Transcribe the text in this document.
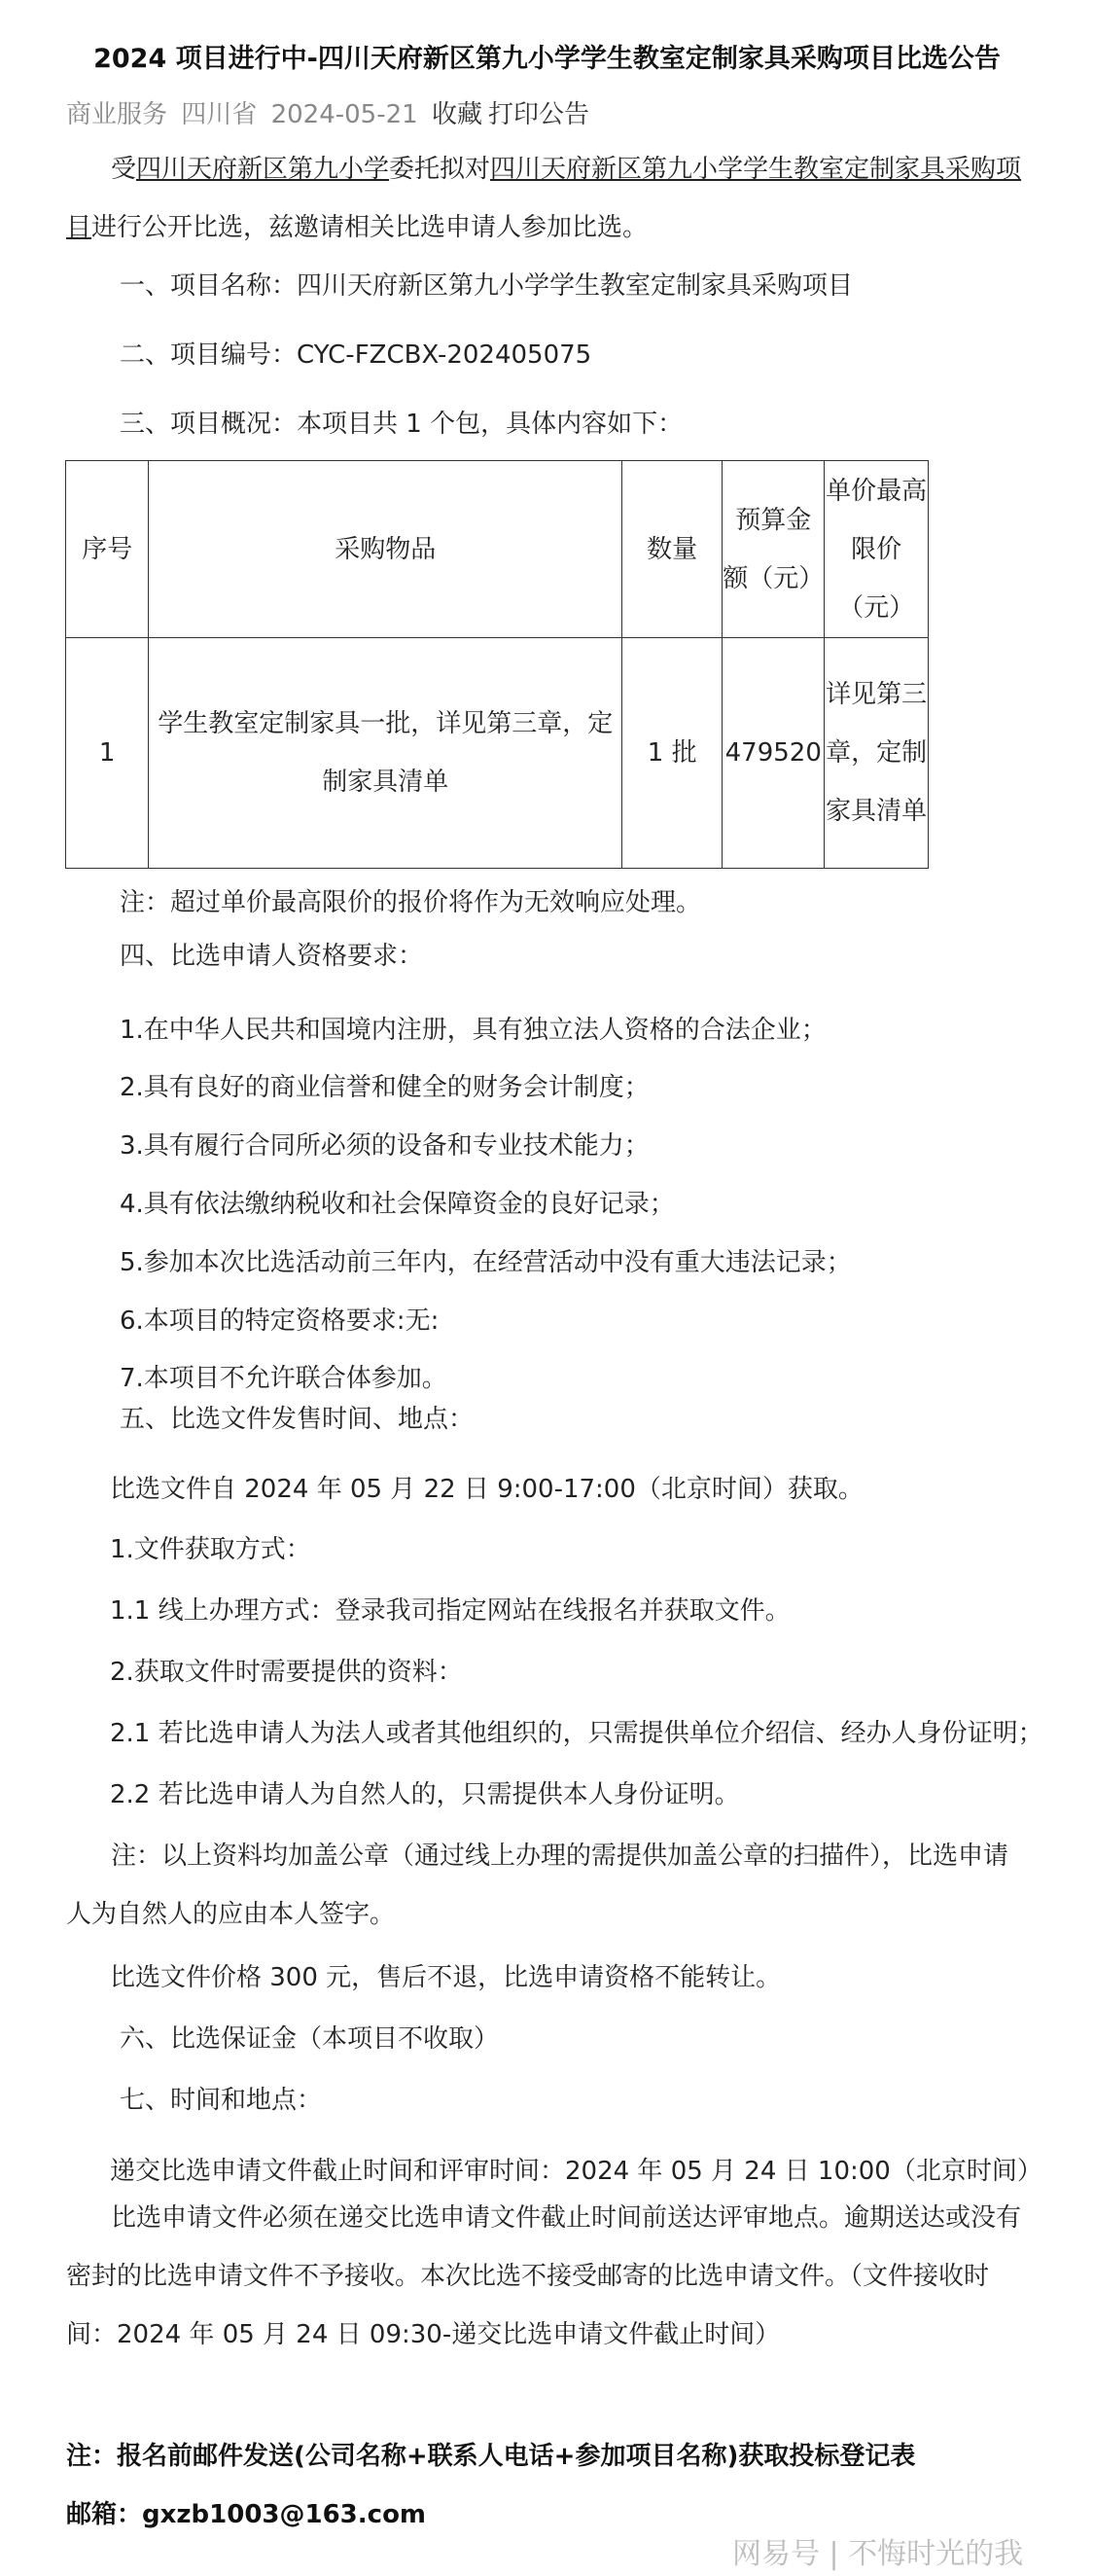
2024 项目进行中-四川天府新区第九小学学生教室定制家具采购项目比选公告
商业服务 四川省 2024-05-21 收藏 打印公告

受四川天府新区第九小学委托拟对四川天府新区第九小学学生教室定制家具采购项目进行公开比选，兹邀请相关比选申请人参加比选。

一、项目名称：四川天府新区第九小学学生教室定制家具采购项目

二、项目编号：CYC-FZCBX-202405075

三、项目概况：本项目共 1 个包，具体内容如下：

序号	采购物品	数量	预算金额（元）	单价最高限价（元）
1	学生教室定制家具一批，详见第三章，定制家具清单	1 批	479520	详见第三章，定制家具清单

注：超过单价最高限价的报价将作为无效响应处理。

四、比选申请人资格要求：

1.在中华人民共和国境内注册，具有独立法人资格的合法企业；

2.具有良好的商业信誉和健全的财务会计制度；

3.具有履行合同所必须的设备和专业技术能力；

4.具有依法缴纳税收和社会保障资金的良好记录；

5.参加本次比选活动前三年内，在经营活动中没有重大违法记录；

6.本项目的特定资格要求:无:

7.本项目不允许联合体参加。

五、比选文件发售时间、地点：

比选文件自 2024 年 05 月 22 日 9:00-17:00（北京时间）获取。

1.文件获取方式：

1.1 线上办理方式：登录我司指定网站在线报名并获取文件。

2.获取文件时需要提供的资料：

2.1 若比选申请人为法人或者其他组织的，只需提供单位介绍信、经办人身份证明；

2.2 若比选申请人为自然人的，只需提供本人身份证明。

注：以上资料均加盖公章（通过线上办理的需提供加盖公章的扫描件），比选申请人为自然人的应由本人签字。

比选文件价格 300 元，售后不退，比选申请资格不能转让。

六、比选保证金（本项目不收取）

七、时间和地点：

递交比选申请文件截止时间和评审时间：2024 年 05 月 24 日 10:00（北京时间）

比选申请文件必须在递交比选申请文件截止时间前送达评审地点。逾期送达或没有密封的比选申请文件不予接收。本次比选不接受邮寄的比选申请文件。（文件接收时间：2024 年 05 月 24 日 09:30-递交比选申请文件截止时间）

注：报名前邮件发送(公司名称+联系人电话+参加项目名称)获取投标登记表

邮箱：gxzb1003@163.com

网易号 | 不悔时光的我
